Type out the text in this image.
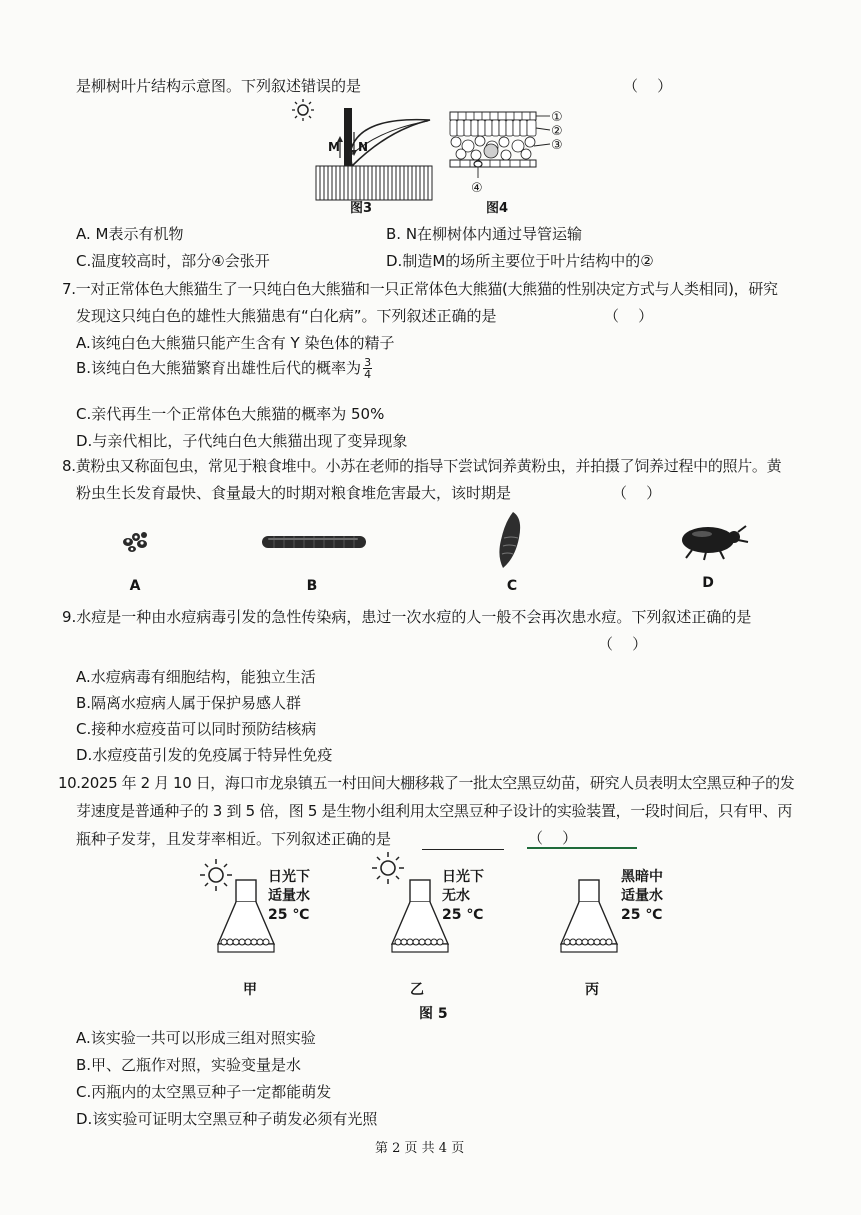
是柳树叶片结构示意图。下列叙述错误的是	（    ）
M N
图3
①
②
③
④
图4
A. M表示有机物	B. N在柳树体内通过导管运输
C.温度较高时，部分④会张开	D.制造M的场所主要位于叶片结构中的②
7.一对正常体色大熊猫生了一只纯白色大熊猫和一只正常体色大熊猫(大熊猫的性别决定方式与人类相同)，研究
发现这只纯白色的雄性大熊猫患有“白化病”。下列叙述正确的是	（    ）
A.该纯白色大熊猫只能产生含有 Y 染色体的精子
B.该纯白色大熊猫繁育出雄性后代的概率为 $\frac{3}{4}$
C.亲代再生一个正常体色大熊猫的概率为 50%
D.与亲代相比，子代纯白色大熊猫出现了变异现象
8.黄粉虫又称面包虫，常见于粮食堆中。小苏在老师的指导下尝试饲养黄粉虫，并拍摄了饲养过程中的照片。黄
粉虫生长发育最快、食量最大的时期对粮食堆危害最大，该时期是	（    ）
A	B	C	D
9.水痘是一种由水痘病毒引发的急性传染病，患过一次水痘的人一般不会再次患水痘。下列叙述正确的是
（    ）
A.水痘病毒有细胞结构，能独立生活
B.隔离水痘病人属于保护易感人群
C.接种水痘疫苗可以同时预防结核病
D.水痘疫苗引发的免疫属于特异性免疫
10.2025 年 2 月 10 日，海口市龙泉镇五一村田间大棚移栽了一批太空黑豆幼苗，研究人员表明太空黑豆种子的发
芽速度是普通种子的 3 到 5 倍，图 5 是生物小组利用太空黑豆种子设计的实验装置，一段时间后，只有甲、丙
瓶种子发芽，且发芽率相近。下列叙述正确的是	（    ）
日光下
适量水
25 ℃
日光下
无水
25 ℃
黑暗中
适量水
25 ℃
甲	乙	丙
图 5
A.该实验一共可以形成三组对照实验
B.甲、乙瓶作对照，实验变量是水
C.丙瓶内的太空黑豆种子一定都能萌发
D.该实验可证明太空黑豆种子萌发必须有光照
第 2 页 共 4 页
